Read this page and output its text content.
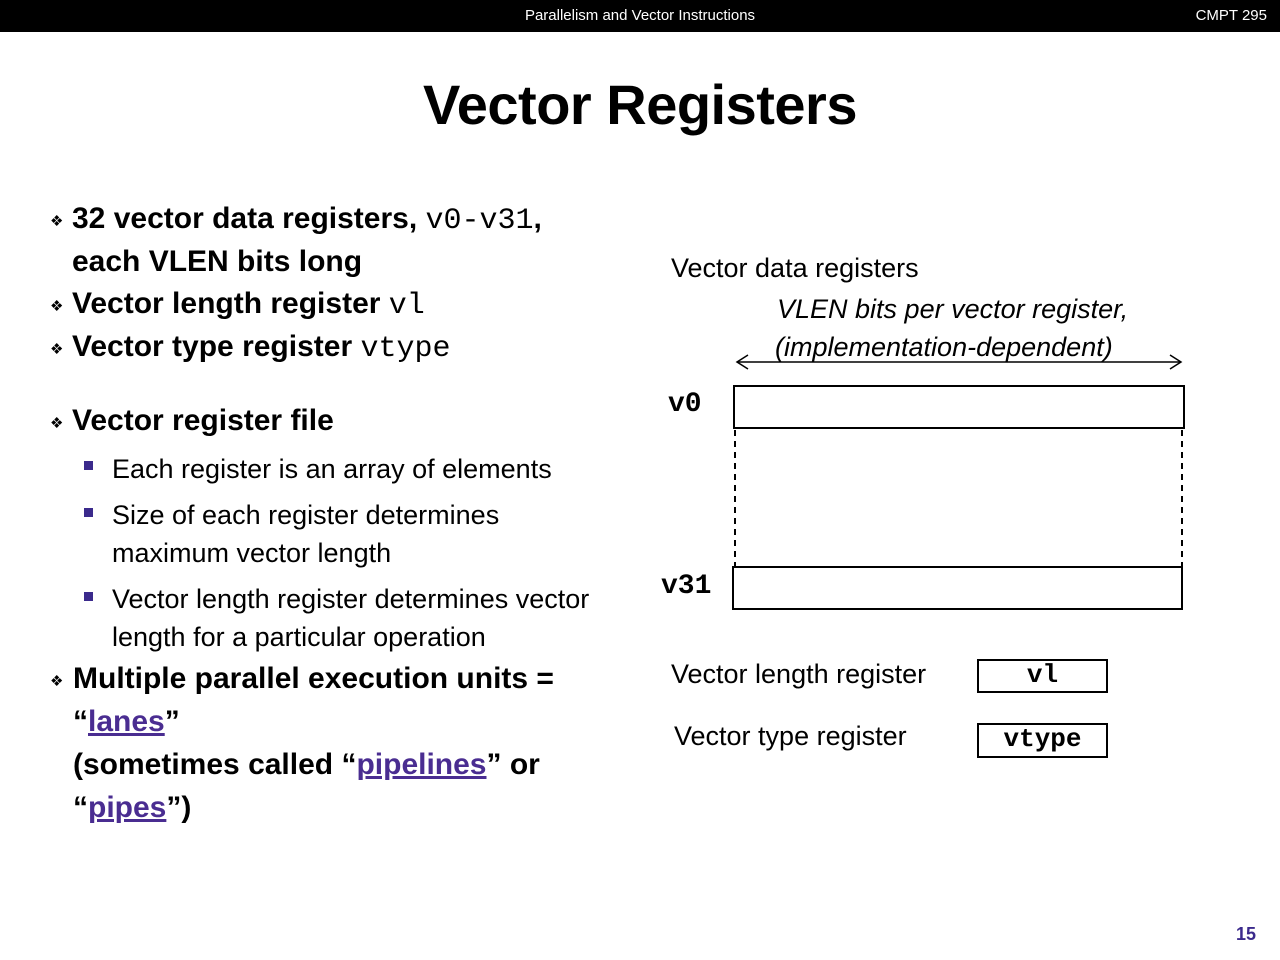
Parallelism and Vector Instructions	CMPT 295
Vector Registers
❖ 32 vector data registers, v0-v31,
each VLEN bits long
❖ Vector length register vl
❖ Vector type register vtype
❖ Vector register file
Each register is an array of elements
Size of each register determines
maximum vector length
Vector length register determines vector
length for a particular operation
❖ Multiple parallel execution units =
“lanes”
(sometimes called “pipelines” or
“pipes”)
Vector data registers
VLEN bits per vector register,
(implementation-dependent)
v0
v31
Vector length register	vl
Vector type register	vtype
15
